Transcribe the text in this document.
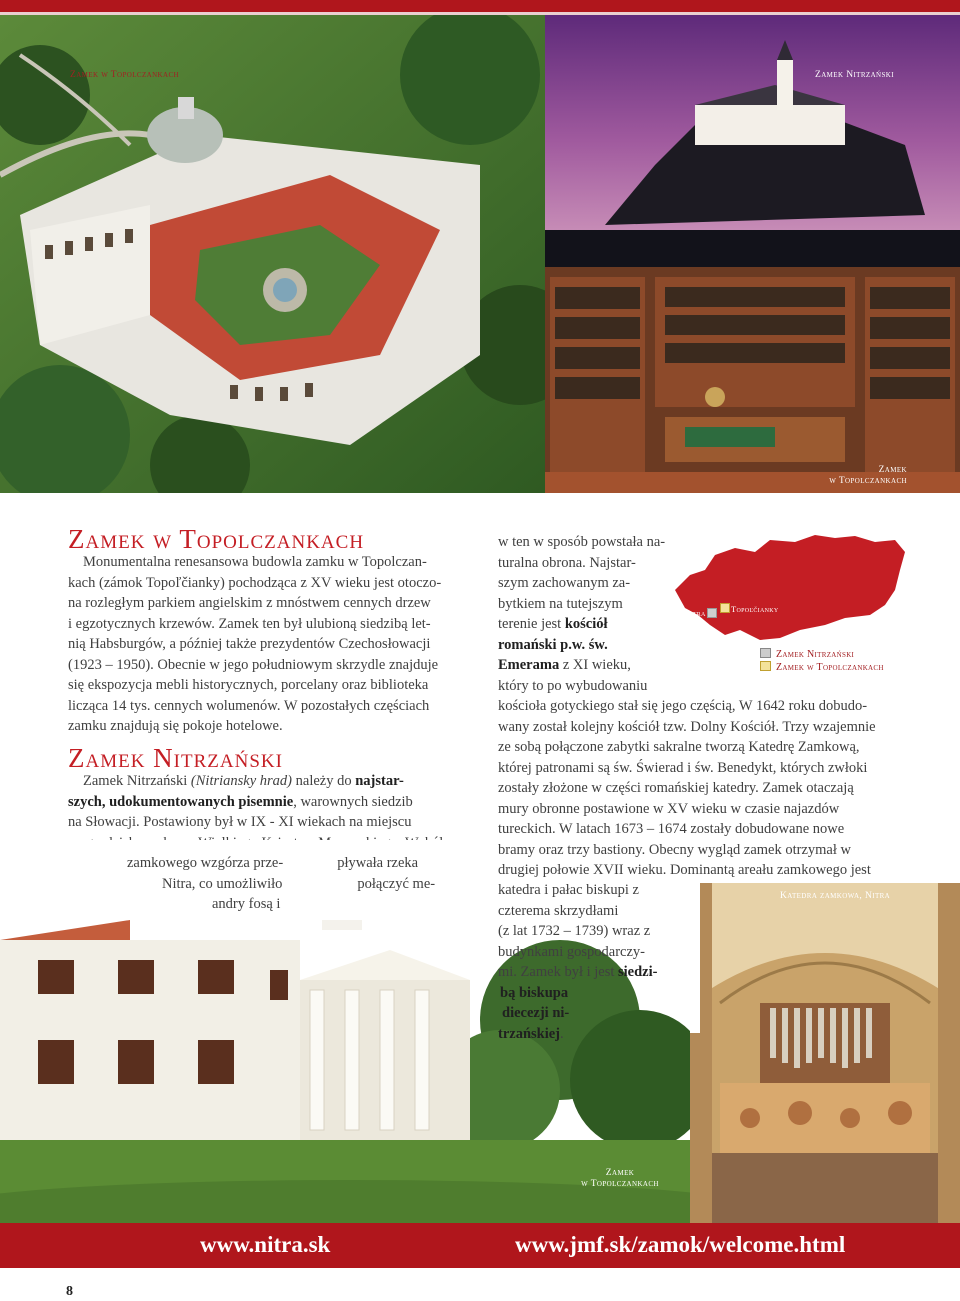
Zamek w Topolczankach	Zamek Nitrzański
Zamek
w Topolczankach
Zamek w Topolczankach
Monumentalna renesansowa budowla zamku w Topolczan-
kach (zámok Topoľčianky) pochodząca z XV wieku jest otoczo-
na rozległym parkiem angielskim z mnóstwem cennych drzew
i egzotycznych krzewów. Zamek ten był ulubioną siedzibą let-
nią Habsburgów, a później także prezydentów Czechosłowacji
(1923 – 1950). Obecnie w jego południowym skrzydle znajduje
się ekspozycja mebli historycznych, porcelany oraz biblioteka
licząca 14 tys. cennych wolumenów. W pozostałych częściach
zamku znajdują się pokoje hotelowe.
Zamek Nitrzański
Zamek Nitrzański (Nitriansky hrad) należy do najstar-
szych, udokumentowanych pisemnie, warownych siedzib
na Słowacji. Postawiony był w IX - XI wiekach na miejscu
zamkowego wzgórza prze-	pływała rzeka
Nitra, co umożliwiło	połączyć me-
andry fosą i	Katedra zamkowa, Nitra
Zamek
w Topolczankach
Nitra	Topoľčianky
Zamek Nitrzański
Zamek w Topolczankach
w ten w sposób powstała na-
turalna obrona. Najstar-
szym zachowanym za-
bytkiem na tutejszym
terenie jest kościół
romański p.w. św.
Emerama z XI wieku,
który to po wybudowaniu
kościoła gotyckiego stał się jego częścią, W 1642 roku dobudo-
wany został kolejny kościół tzw. Dolny Kościół. Trzy wzajemnie
ze sobą połączone zabytki sakralne tworzą Katedrę Zamkową,
której patronami są św. Świerad i św. Benedykt, których zwłoki
zostały złożone w części romańskiej katedry. Zamek otaczają
mury obronne postawione w XV wieku w czasie najazdów
tureckich. W latach 1673 – 1674 zostały dobudowane nowe
bramy oraz trzy bastiony. Obecny wygląd zamek otrzymał w
drugiej połowie XVII wieku. Dominantą areału zamkowego jest
katedra i pałac biskupi z
czterema skrzydłami
(z lat 1732 – 1739) wraz z
budynkami gospodarczy-
mi. Zamek był i jest siedzi-
bą biskupa
diecezji ni-
trzańskiej.
www.nitra.sk	www.jmf.sk/zamok/welcome.html
8
